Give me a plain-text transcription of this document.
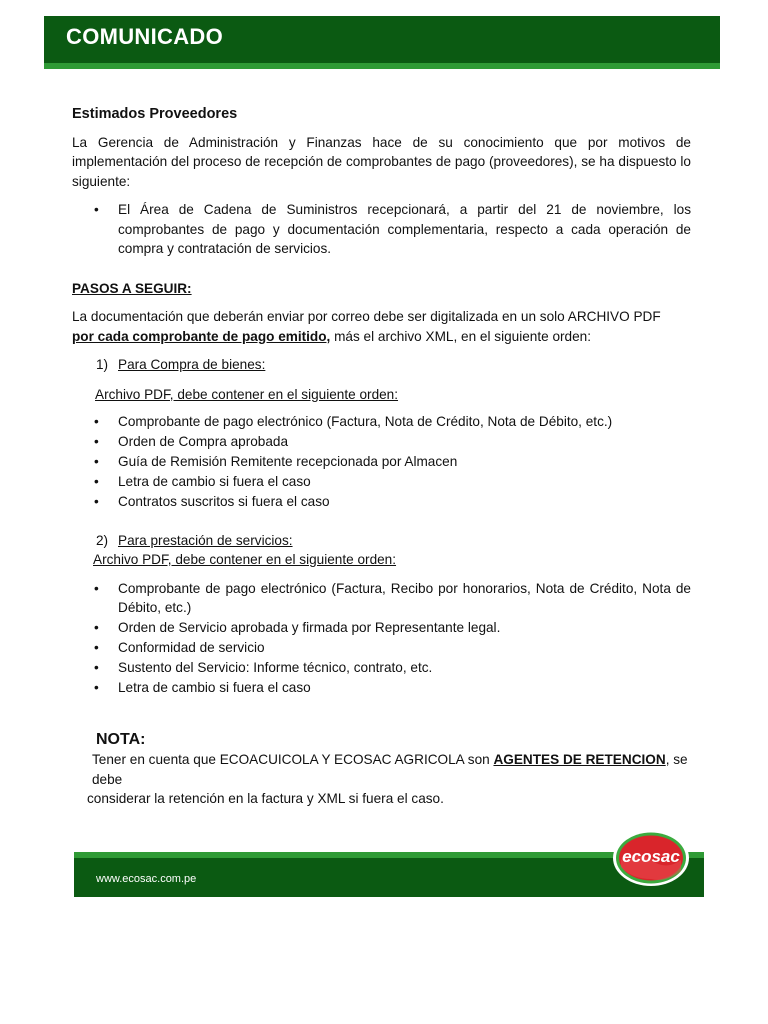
COMUNICADO

Estimados Proveedores

La Gerencia de Administración y Finanzas hace de su conocimiento que por motivos de implementación del proceso de recepción de comprobantes de pago (proveedores), se ha dispuesto lo siguiente:

• El Área de Cadena de Suministros recepcionará, a partir del 21 de noviembre, los comprobantes de pago y documentación complementaria, respecto a cada operación de compra y contratación de servicios.

PASOS A SEGUIR:

La documentación que deberán enviar por correo debe ser digitalizada en un solo ARCHIVO PDF
por cada comprobante de pago emitido, más el archivo XML, en el siguiente orden:

1) Para Compra de bienes:

Archivo PDF, debe contener en el siguiente orden:

• Comprobante de pago electrónico (Factura, Nota de Crédito, Nota de Débito, etc.)
• Orden de Compra aprobada
• Guía de Remisión Remitente recepcionada por Almacen
• Letra de cambio si fuera el caso
• Contratos suscritos si fuera el caso

2) Para prestación de servicios:

Archivo PDF, debe contener en el siguiente orden:

• Comprobante de pago electrónico (Factura, Recibo por honorarios, Nota de Crédito, Nota de Débito, etc.)
• Orden de Servicio aprobada y firmada por Representante legal.
• Conformidad de servicio
• Sustento del Servicio: Informe técnico, contrato, etc.
• Letra de cambio si fuera el caso

NOTA:

Tener en cuenta que ECOACUICOLA Y ECOSAC AGRICOLA son AGENTES DE RETENCION, se debe

considerar la retención en la factura y XML si fuera el caso.

www.ecosac.com.pe
ecosac
